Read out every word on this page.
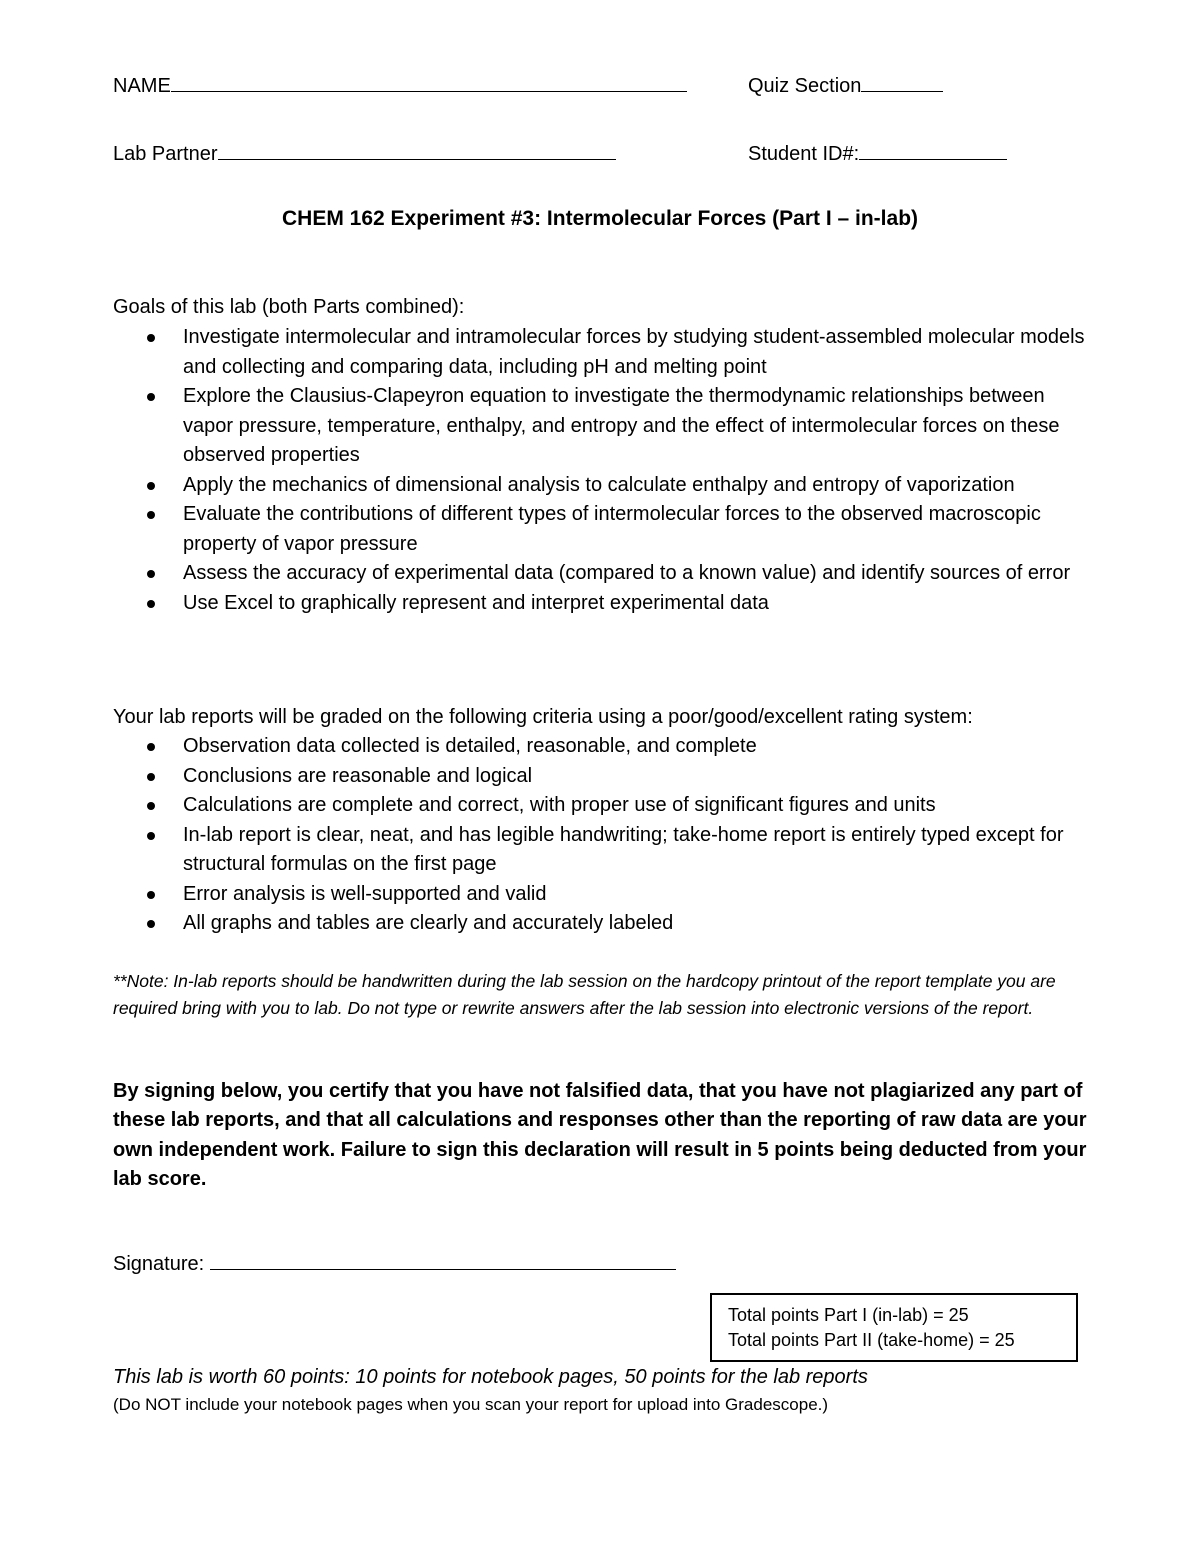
NAME	Quiz Section
Lab Partner	Student ID#:
CHEM 162 Experiment #3: Intermolecular Forces (Part I – in-lab)
Goals of this lab (both Parts combined):
Investigate intermolecular and intramolecular forces by studying student-assembled molecular models and collecting and comparing data, including pH and melting point
Explore the Clausius-Clapeyron equation to investigate the thermodynamic relationships between vapor pressure, temperature, enthalpy, and entropy and the effect of intermolecular forces on these observed properties
Apply the mechanics of dimensional analysis to calculate enthalpy and entropy of vaporization
Evaluate the contributions of different types of intermolecular forces to the observed macroscopic property of vapor pressure
Assess the accuracy of experimental data (compared to a known value) and identify sources of error
Use Excel to graphically represent and interpret experimental data
Your lab reports will be graded on the following criteria using a poor/good/excellent rating system:
Observation data collected is detailed, reasonable, and complete
Conclusions are reasonable and logical
Calculations are complete and correct, with proper use of significant figures and units
In-lab report is clear, neat, and has legible handwriting; take-home report is entirely typed except for structural formulas on the first page
Error analysis is well-supported and valid
All graphs and tables are clearly and accurately labeled
**Note: In-lab reports should be handwritten during the lab session on the hardcopy printout of the report template you are required bring with you to lab. Do not type or rewrite answers after the lab session into electronic versions of the report.
By signing below, you certify that you have not falsified data, that you have not plagiarized any part of these lab reports, and that all calculations and responses other than the reporting of raw data are your own independent work. Failure to sign this declaration will result in 5 points being deducted from your lab score.
Signature:
Total points Part I (in-lab) = 25
Total points Part II (take-home) = 25
This lab is worth 60 points: 10 points for notebook pages, 50 points for the lab reports
(Do NOT include your notebook pages when you scan your report for upload into Gradescope.)
